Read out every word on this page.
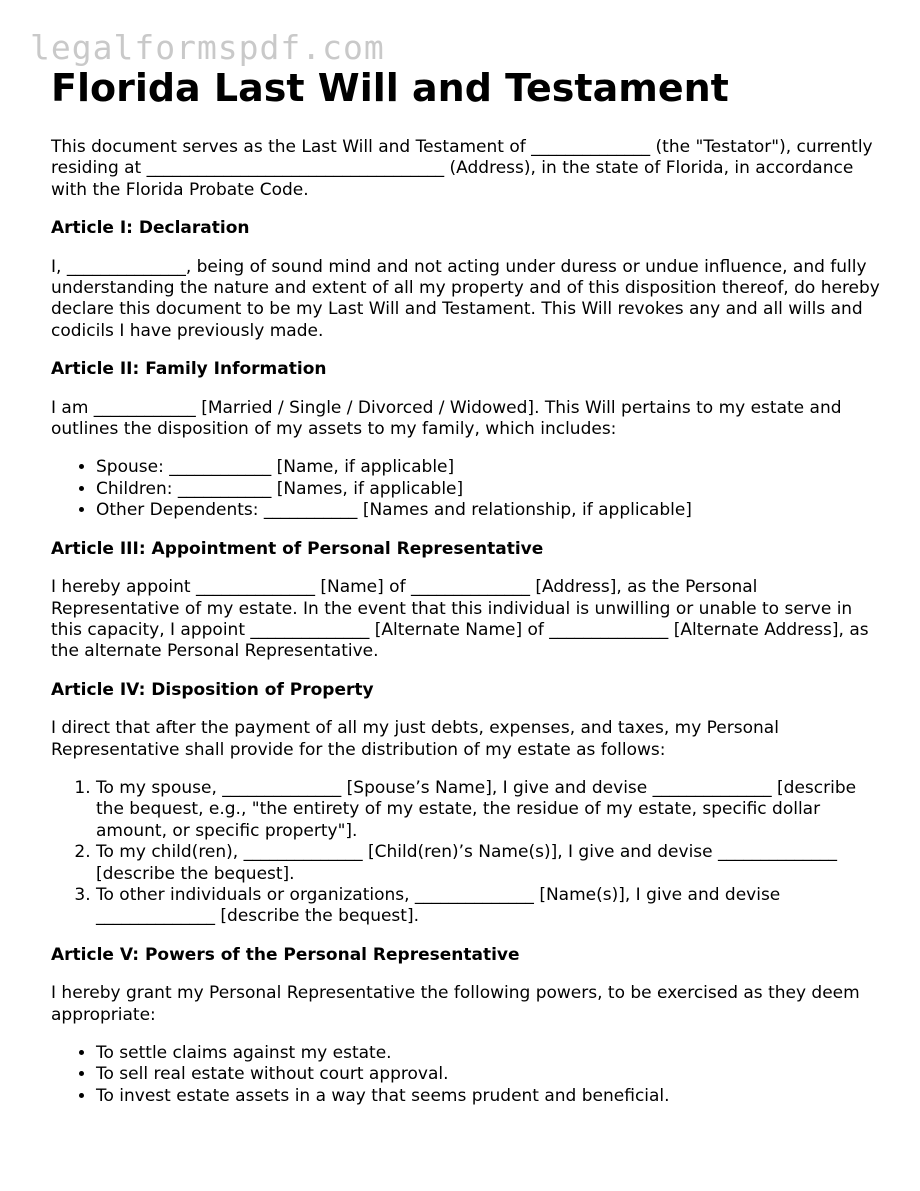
legalformspdf.com
Florida Last Will and Testament

This document serves as the Last Will and Testament of ______________ (the "Testator"), currently residing at ___________________________________ (Address), in the state of Florida, in accordance with the Florida Probate Code.

Article I: Declaration

I, ______________, being of sound mind and not acting under duress or undue influence, and fully understanding the nature and extent of all my property and of this disposition thereof, do hereby declare this document to be my Last Will and Testament. This Will revokes any and all wills and codicils I have previously made.

Article II: Family Information

I am ____________ [Married / Single / Divorced / Widowed]. This Will pertains to my estate and outlines the disposition of my assets to my family, which includes:

• Spouse: ____________ [Name, if applicable]
• Children: ___________ [Names, if applicable]
• Other Dependents: ___________ [Names and relationship, if applicable]
Article III: Appointment of Personal Representative

I hereby appoint ______________ [Name] of ______________ [Address], as the Personal Representative of my estate. In the event that this individual is unwilling or unable to serve in this capacity, I appoint ______________ [Alternate Name] of ______________ [Alternate Address], as the alternate Personal Representative.

Article IV: Disposition of Property

I direct that after the payment of all my just debts, expenses, and taxes, my Personal Representative shall provide for the distribution of my estate as follows:

1. To my spouse, ______________ [Spouse’s Name], I give and devise ______________ [describe the bequest, e.g., "the entirety of my estate, the residue of my estate, specific dollar amount, or specific property"].
2. To my child(ren), ______________ [Child(ren)’s Name(s)], I give and devise ______________ [describe the bequest].
3. To other individuals or organizations, ______________ [Name(s)], I give and devise ______________ [describe the bequest].
Article V: Powers of the Personal Representative

I hereby grant my Personal Representative the following powers, to be exercised as they deem appropriate:

• To settle claims against my estate.
• To sell real estate without court approval.
• To invest estate assets in a way that seems prudent and beneficial.
